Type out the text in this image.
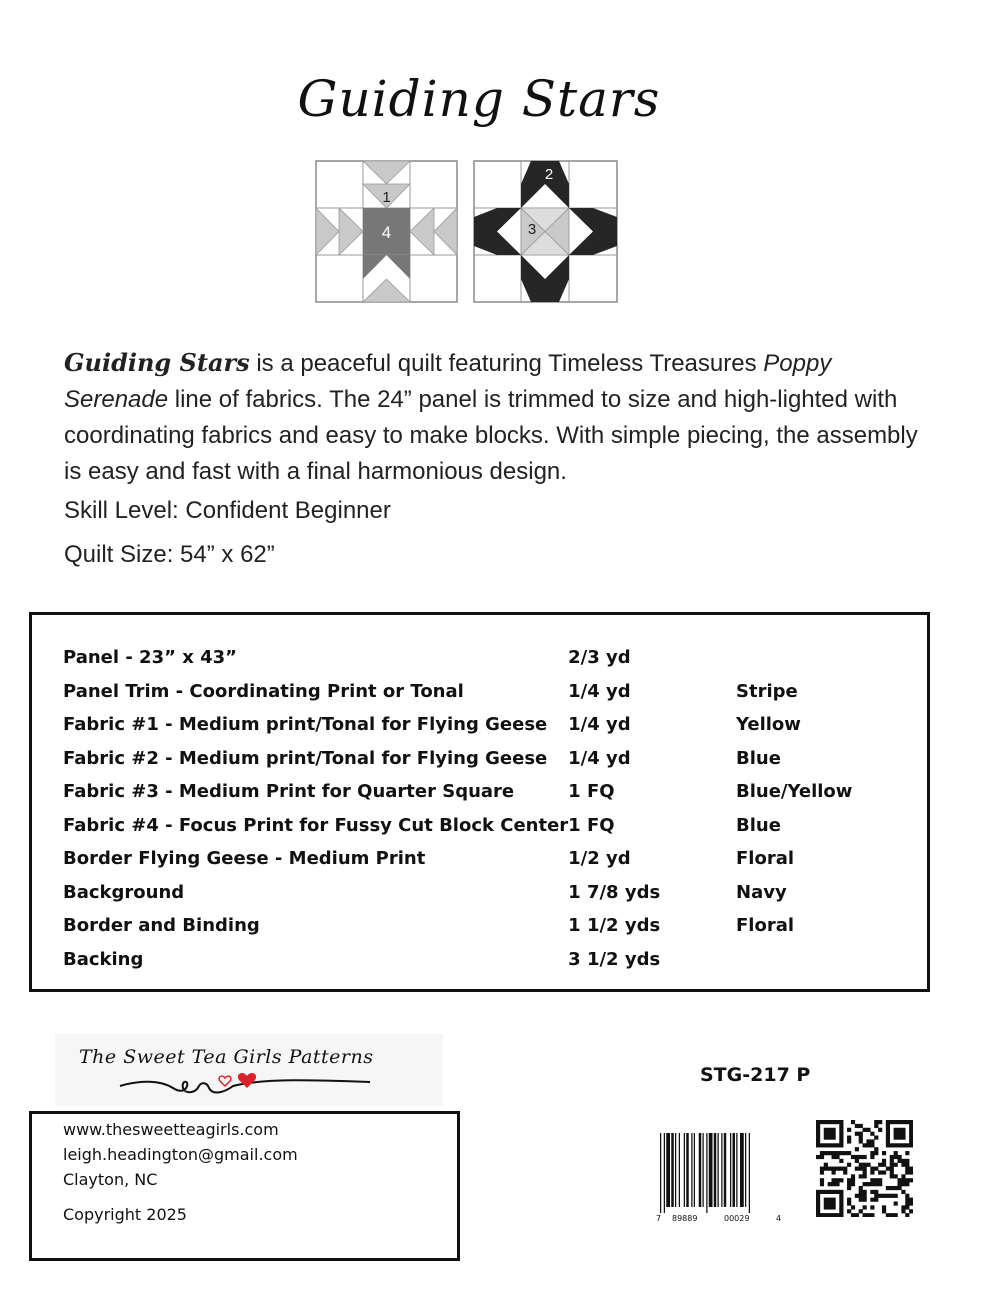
Guiding Stars
1
4
2
3
Guiding Stars is a peaceful quilt featuring Timeless Treasures Poppy Serenade line of fabrics. The 24” panel is trimmed to size and high-lighted with coordinating fabrics and easy to make blocks. With simple piecing, the assembly is easy and fast with a final harmonious design.
Skill Level: Confident Beginner
Quilt Size: 54” x 62”
Panel - 23” x 43”	2/3 yd	
Panel Trim - Coordinating Print or Tonal	1/4 yd	Stripe
Fabric #1 - Medium print/Tonal for Flying Geese	1/4 yd	Yellow
Fabric #2 - Medium print/Tonal for Flying Geese	1/4 yd	Blue
Fabric #3 - Medium Print for Quarter Square	1 FQ	Blue/Yellow
Fabric #4 - Focus Print for Fussy Cut Block Center	1 FQ	Blue
Border Flying Geese - Medium Print	1/2 yd	Floral
Background	1 7/8 yds	Navy
Border and Binding	1 1/2 yds	Floral
Backing	3 1/2 yds	
The Sweet Tea Girls Patterns
STG-217 P
www.thesweetteagirls.com
leigh.headington@gmail.com
Clayton, NC
Copyright 2025	7 89889	00029	4
